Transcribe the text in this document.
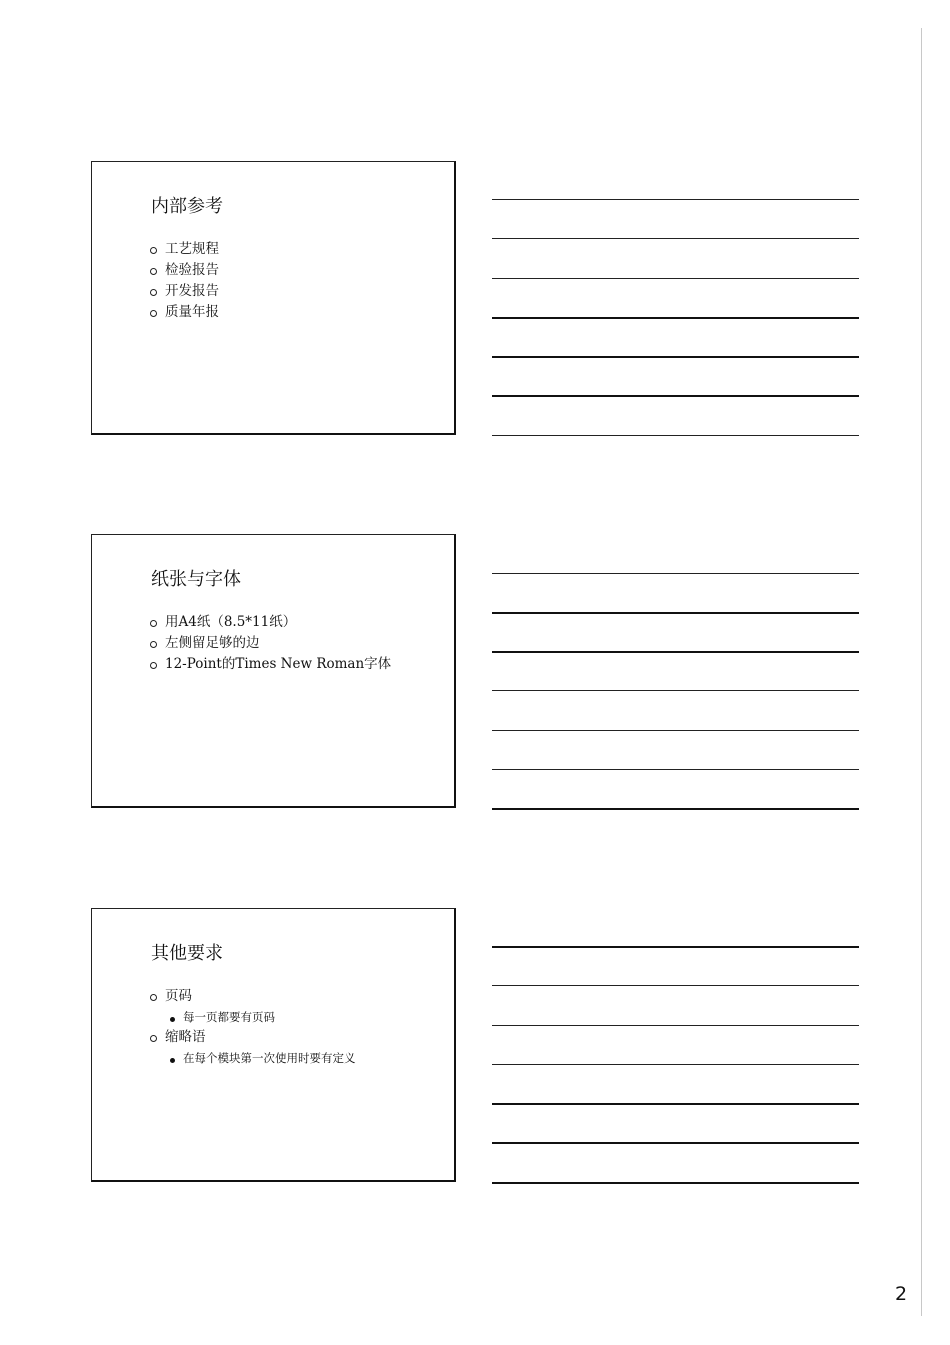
内部参考
工艺规程
检验报告
开发报告
质量年报
纸张与字体
用A4纸（8.5*11纸）
左侧留足够的边
12-Point的Times New Roman字体
其他要求
页码
每一页都要有页码
缩略语
在每个模块第一次使用时要有定义
2
